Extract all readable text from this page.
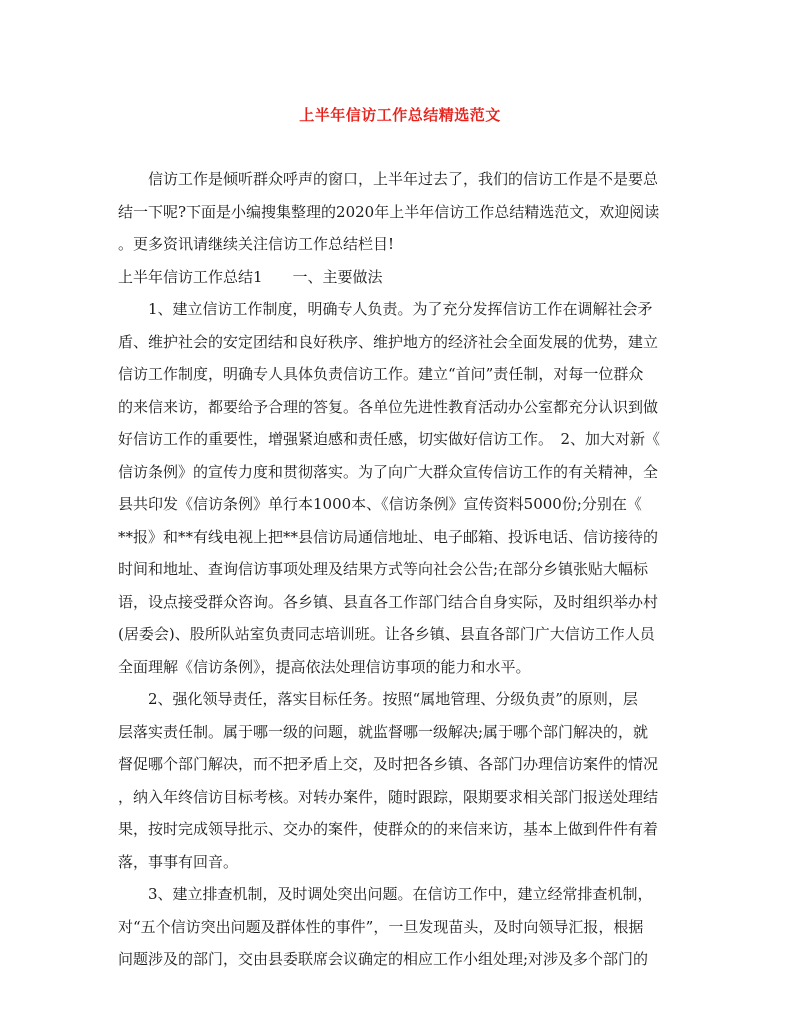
上半年信访工作总结精选范文
　　信访工作是倾听群众呼声的窗口，上半年过去了，我们的信访工作是不是要总
结一下呢?下面是小编搜集整理的2020年上半年信访工作总结精选范文，欢迎阅读
。更多资讯请继续关注信访工作总结栏目!
上半年信访工作总结1　　一、主要做法
　　1、建立信访工作制度，明确专人负责。为了充分发挥信访工作在调解社会矛
盾、维护社会的安定团结和良好秩序、维护地方的经济社会全面发展的优势，建立
信访工作制度，明确专人具体负责信访工作。建立“首问”责任制，对每一位群众
的来信来访，都要给予合理的答复。各单位先进性教育活动办公室都充分认识到做
好信访工作的重要性，增强紧迫感和责任感，切实做好信访工作。　2、加大对新《
信访条例》的宣传力度和贯彻落实。为了向广大群众宣传信访工作的有关精神，全
县共印发《信访条例》单行本1000本、《信访条例》宣传资料5000份;分别在《
**报》和**有线电视上把**县信访局通信地址、电子邮箱、投诉电话、信访接待的
时间和地址、查询信访事项处理及结果方式等向社会公告;在部分乡镇张贴大幅标
语，设点接受群众咨询。各乡镇、县直各工作部门结合自身实际，及时组织举办村
(居委会)、股所队站室负责同志培训班。让各乡镇、县直各部门广大信访工作人员
全面理解《信访条例》，提高依法处理信访事项的能力和水平。
　　2、强化领导责任，落实目标任务。按照“属地管理、分级负责”的原则，层
层落实责任制。属于哪一级的问题，就监督哪一级解决;属于哪个部门解决的，就
督促哪个部门解决，而不把矛盾上交，及时把各乡镇、各部门办理信访案件的情况
，纳入年终信访目标考核。对转办案件，随时跟踪，限期要求相关部门报送处理结
果，按时完成领导批示、交办的案件，使群众的的来信来访，基本上做到件件有着
落，事事有回音。
　　3、建立排查机制，及时调处突出问题。在信访工作中，建立经常排查机制，
对“五个信访突出问题及群体性的事件”，一旦发现苗头，及时向领导汇报，根据
问题涉及的部门，交由县委联席会议确定的相应工作小组处理;对涉及多个部门的
